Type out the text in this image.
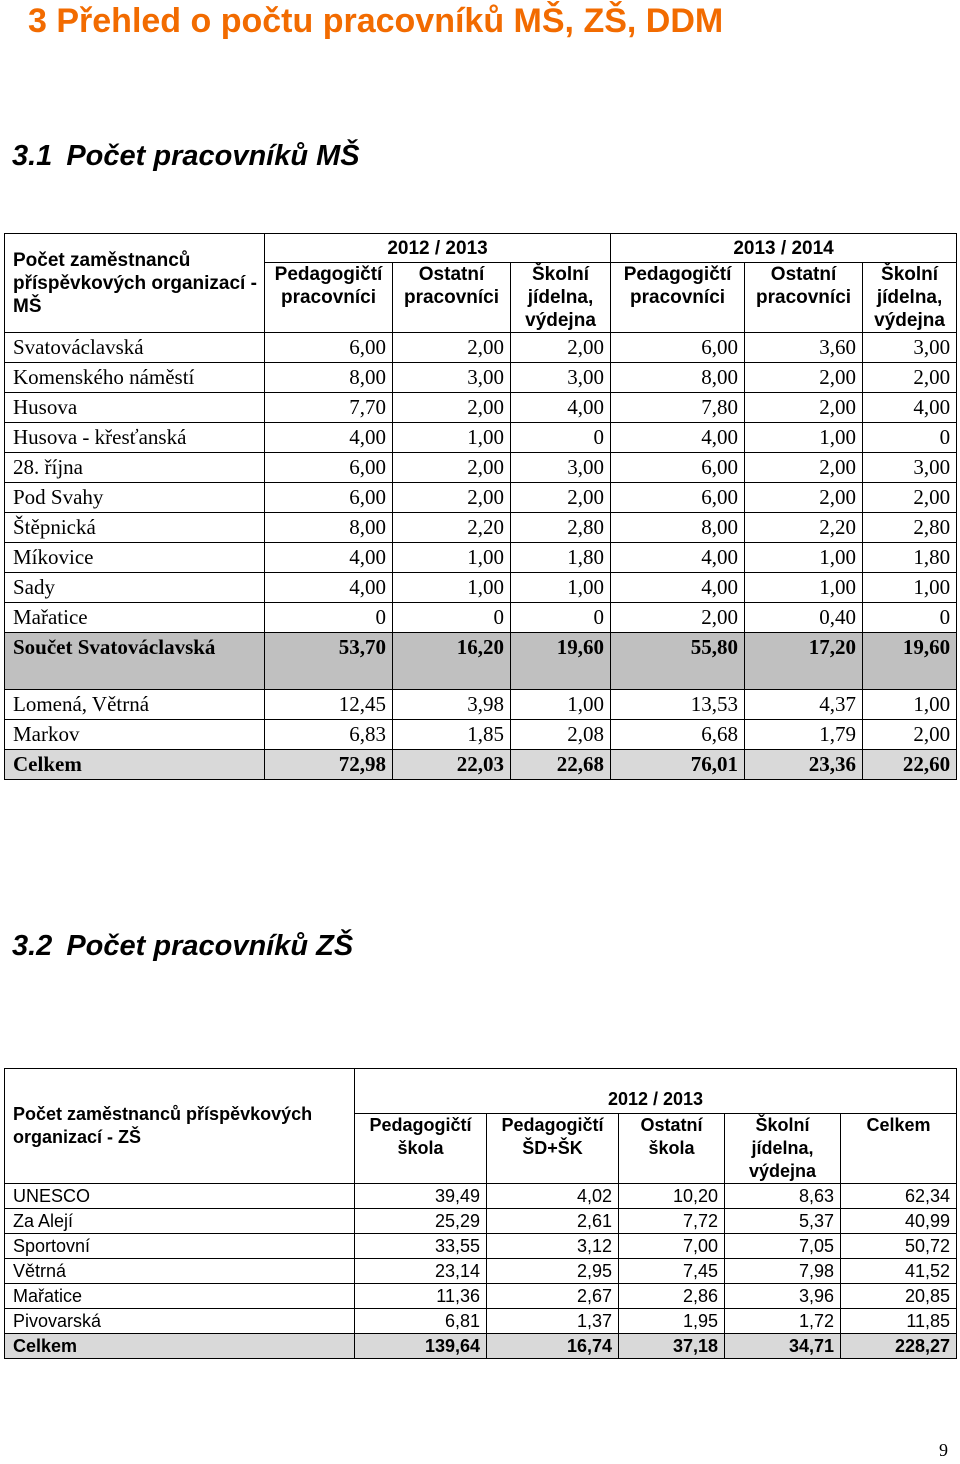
3 Přehled o počtu pracovníků MŠ, ZŠ, DDM
3.1 Počet pracovníků MŠ
Počet zaměstnanců příspěvkových organizací - MŠ	2012 / 2013			2013 / 2014		
	Pedagogičtí pracovníci	Ostatní pracovníci	Školní jídelna, výdejna	Pedagogičtí pracovníci	Ostatní pracovníci	Školní jídelna, výdejna
Svatováclavská	6,00	2,00	2,00	6,00	3,60	3,00
Komenského náměstí	8,00	3,00	3,00	8,00	2,00	2,00
Husova	7,70	2,00	4,00	7,80	2,00	4,00
Husova - křesťanská	4,00	1,00	0	4,00	1,00	0
28. října	6,00	2,00	3,00	6,00	2,00	3,00
Pod Svahy	6,00	2,00	2,00	6,00	2,00	2,00
Štěpnická	8,00	2,20	2,80	8,00	2,20	2,80
Míkovice	4,00	1,00	1,80	4,00	1,00	1,80
Sady	4,00	1,00	1,00	4,00	1,00	1,00
Mařatice	0	0	0	2,00	0,40	0
Součet Svatováclavská	53,70	16,20	19,60	55,80	17,20	19,60
Lomená, Větrná	12,45	3,98	1,00	13,53	4,37	1,00
Markov	6,83	1,85	2,08	6,68	1,79	2,00
Celkem	72,98	22,03	22,68	76,01	23,36	22,60
3.2 Počet pracovníků ZŠ
Počet zaměstnanců příspěvkových organizací - ZŠ	2012 / 2013				
	Pedagogičtí škola	Pedagogičtí ŠD+ŠK	Ostatní škola	Školní jídelna, výdejna	Celkem
UNESCO	39,49	4,02	10,20	8,63	62,34
Za Alejí	25,29	2,61	7,72	5,37	40,99
Sportovní	33,55	3,12	7,00	7,05	50,72
Větrná	23,14	2,95	7,45	7,98	41,52
Mařatice	11,36	2,67	2,86	3,96	20,85
Pivovarská	6,81	1,37	1,95	1,72	11,85
Celkem	139,64	16,74	37,18	34,71	228,27
9
